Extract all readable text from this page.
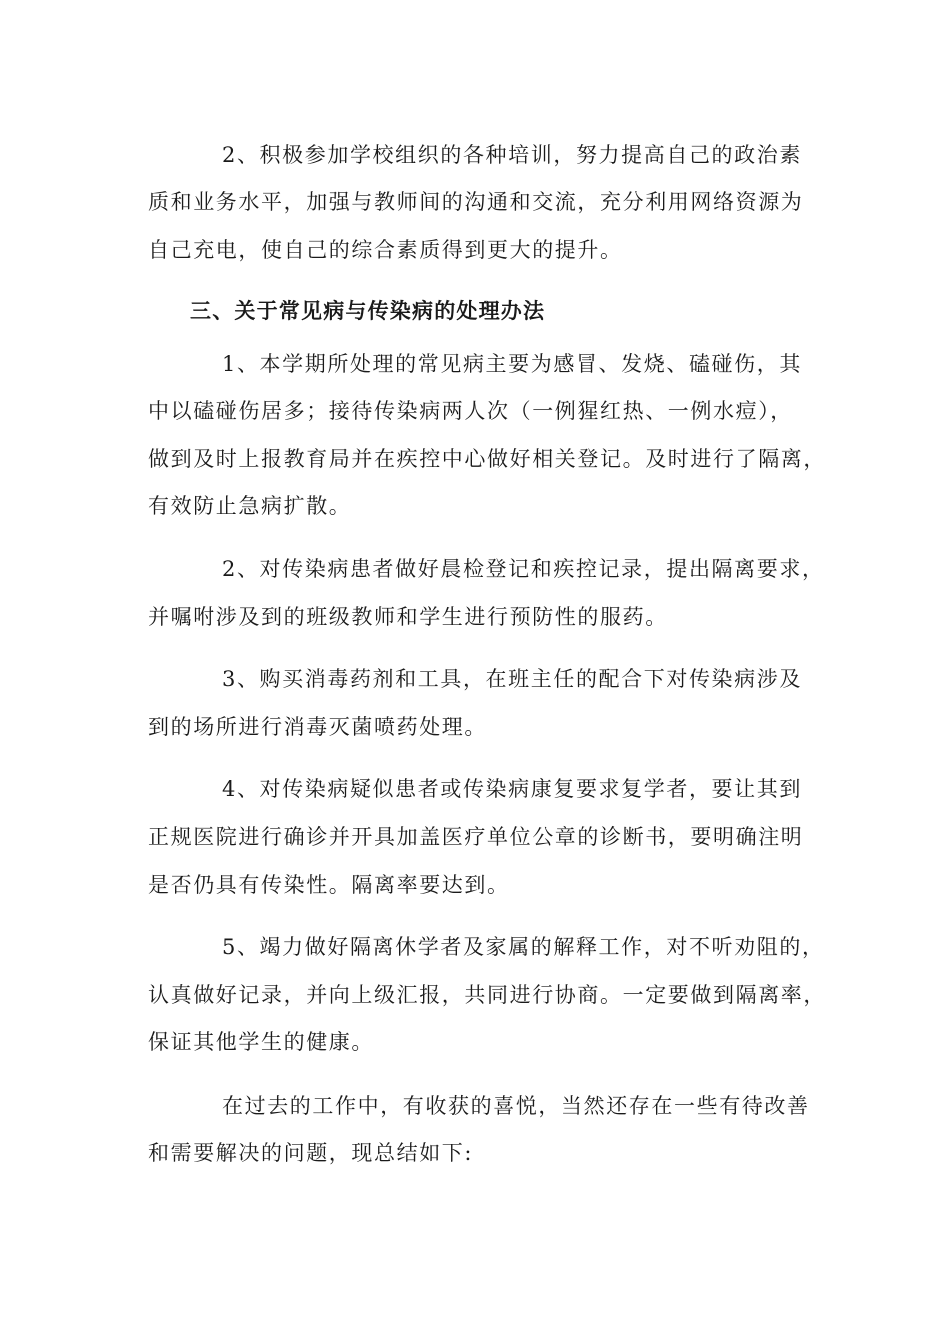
2、积极参加学校组织的各种培训，努力提高自己的政治素
质和业务水平，加强与教师间的沟通和交流，充分利用网络资源为
自己充电，使自己的综合素质得到更大的提升。
三、关于常见病与传染病的处理办法
1、本学期所处理的常见病主要为感冒、发烧、磕碰伤，其
中以磕碰伤居多；接待传染病两人次（一例猩红热、一例水痘），
做到及时上报教育局并在疾控中心做好相关登记。及时进行了隔离，
有效防止急病扩散。
2、对传染病患者做好晨检登记和疾控记录，提出隔离要求，
并嘱咐涉及到的班级教师和学生进行预防性的服药。
3、购买消毒药剂和工具，在班主任的配合下对传染病涉及
到的场所进行消毒灭菌喷药处理。
4、对传染病疑似患者或传染病康复要求复学者，要让其到
正规医院进行确诊并开具加盖医疗单位公章的诊断书，要明确注明
是否仍具有传染性。隔离率要达到。
5、竭力做好隔离休学者及家属的解释工作，对不听劝阻的，
认真做好记录，并向上级汇报，共同进行协商。一定要做到隔离率，
保证其他学生的健康。
在过去的工作中，有收获的喜悦，当然还存在一些有待改善
和需要解决的问题，现总结如下:
